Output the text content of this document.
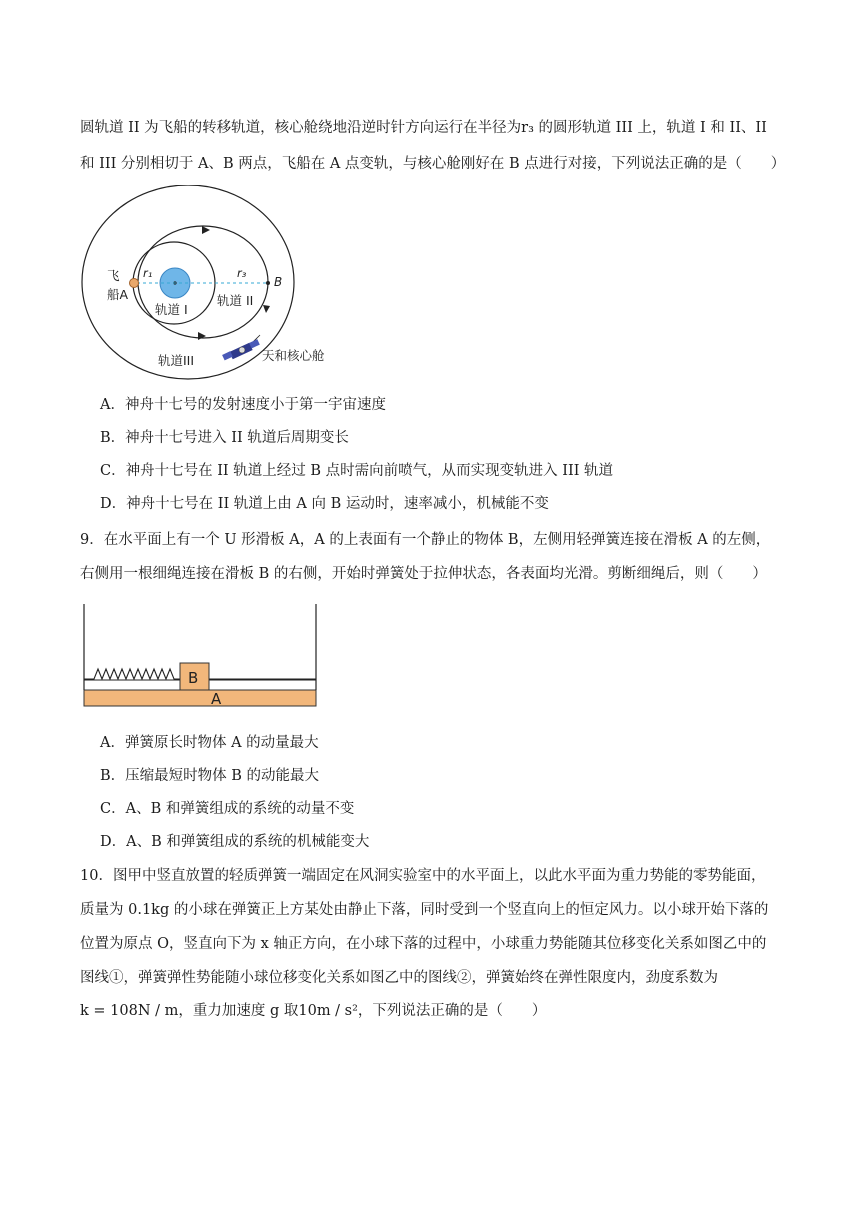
圆轨道 II 为飞船的转移轨道，核心舱绕地沿逆时针方向运行在半径为r₃ 的圆形轨道 III 上，轨道 I 和 II、II
和 III 分别相切于 A、B 两点，飞船在 A 点变轨，与核心舱刚好在 B 点进行对接，下列说法正确的是（　　）
飞
船A
r₁	r₃
B
轨道 I
轨道 II
轨道III	天和核心舱
A．神舟十七号的发射速度小于第一宇宙速度
B．神舟十七号进入 II 轨道后周期变长
C．神舟十七号在 II 轨道上经过 B 点时需向前喷气，从而实现变轨进入 III 轨道
D．神舟十七号在 II 轨道上由 A 向 B 运动时，速率减小，机械能不变
9．在水平面上有一个 U 形滑板 A，A 的上表面有一个静止的物体 B，左侧用轻弹簧连接在滑板 A 的左侧，
右侧用一根细绳连接在滑板 B 的右侧，开始时弹簧处于拉伸状态，各表面均光滑。剪断细绳后，则（　　）
B
A
A．弹簧原长时物体 A 的动量最大
B．压缩最短时物体 B 的动能最大
C．A、B 和弹簧组成的系统的动量不变
D．A、B 和弹簧组成的系统的机械能变大
10．图甲中竖直放置的轻质弹簧一端固定在风洞实验室中的水平面上，以此水平面为重力势能的零势能面，
质量为 0.1kg 的小球在弹簧正上方某处由静止下落，同时受到一个竖直向上的恒定风力。以小球开始下落的
位置为原点 O，竖直向下为 x 轴正方向，在小球下落的过程中，小球重力势能随其位移变化关系如图乙中的
图线①，弹簧弹性势能随小球位移变化关系如图乙中的图线②，弹簧始终在弹性限度内，劲度系数为
k = 108N / m，重力加速度 g 取10m / s²，下列说法正确的是（　　）
